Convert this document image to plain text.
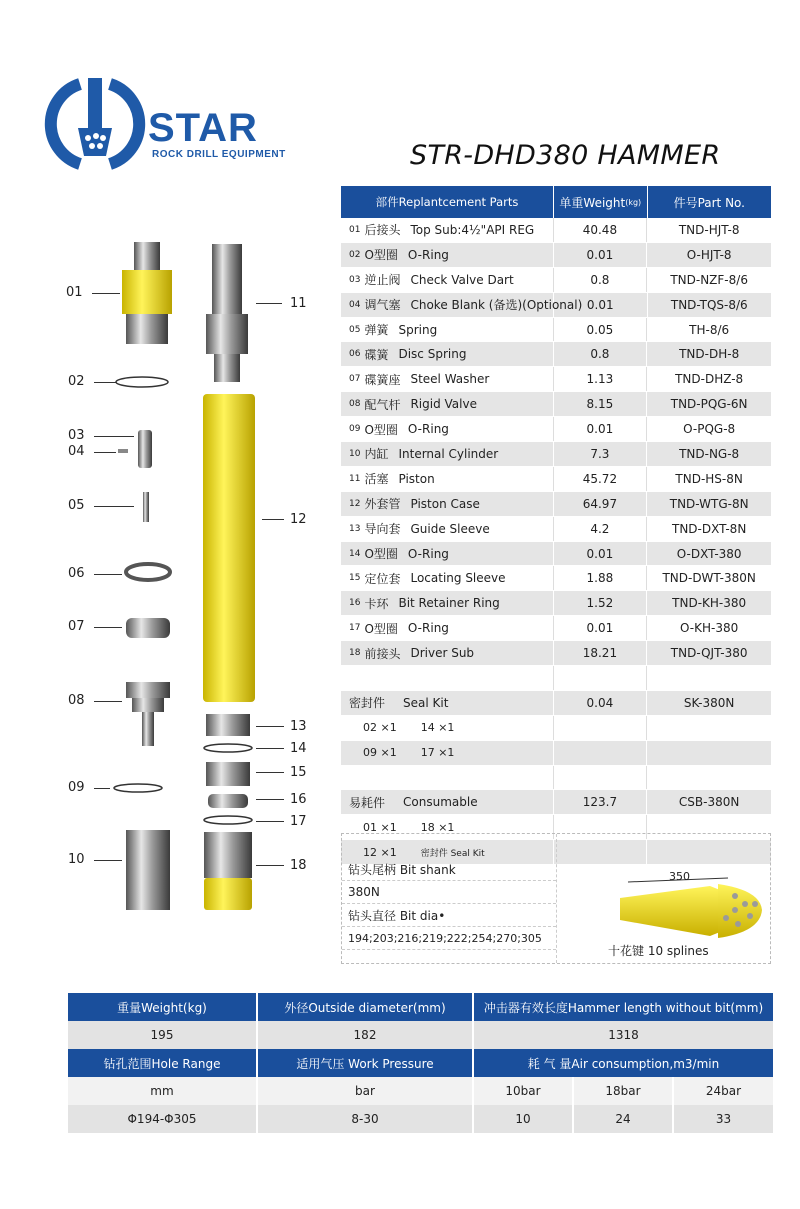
STAR
ROCK DRILL EQUIPMENT	STR-DHD380 HAMMER
01
02
03
04
05
06
07
08
09
10
11
12
13
14
15
16
17
18
部件Replantcement Parts	单重Weight (kg)	件号Part No.
01 后接头 Top Sub:4½"API REG	40.48	TND-HJT-8
02 O型圈 O-Ring	0.01	O-HJT-8
03 逆止阀 Check Valve Dart	0.8	TND-NZF-8/6
04 调气塞 Choke Blank (备选)(Optional) 0.01	TND-TQS-8/6
05 弹簧 Spring	0.05	TH-8/6
06 碟簧 Disc Spring	0.8	TND-DH-8
07 碟簧座 Steel Washer	1.13	TND-DHZ-8
08 配气杆 Rigid Valve	8.15	TND-PQG-6N
09 O型圈 O-Ring	0.01	O-PQG-8
10 内缸 Internal Cylinder	7.3	TND-NG-8
11 活塞 Piston	45.72	TND-HS-8N
12 外套管 Piston Case	64.97	TND-WTG-8N
13 导向套 Guide Sleeve	4.2	TND-DXT-8N
14 O型圈 O-Ring	0.01	O-DXT-380
15 定位套 Locating Sleeve	1.88	TND-DWT-380N
16 卡环 Bit Retainer Ring	1.52	TND-KH-380
17 O型圈 O-Ring	0.01	O-KH-380
18 前接头 Driver Sub	18.21	TND-QJT-380
密封件 Seal Kit	0.04	SK-380N
02 ×1 14 ×1
09 ×1 17 ×1
易耗件 Consumable	123.7	CSB-380N
01 ×1 18 ×1
12 ×1	密封件 Seal Kit
钻头尾柄 Bit shank
380N
钻头直径 Bit dia•
194;203;216;219;222;254;270;305
350
十花键 10 splines
重量Weight(kg)	外径Outside diameter(mm)	冲击器有效长度Hammer length without bit(mm)
195	182	1318
钻孔范围Hole Range	适用气压 Work Pressure	耗 气 量Air consumption,m3/min
mm	bar	10bar	18bar	24bar
Φ194-Φ305	8-30	10	24	33
